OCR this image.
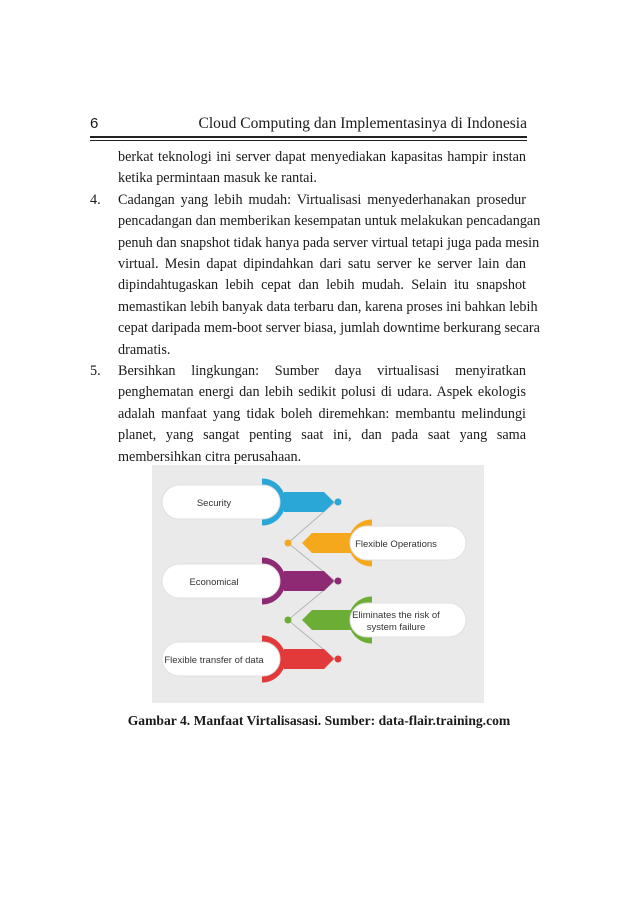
6	Cloud Computing dan Implementasinya di Indonesia
berkat teknologi ini server dapat menyediakan kapasitas hampir instan
ketika permintaan masuk ke rantai.
4. Cadangan yang lebih mudah: Virtualisasi menyederhanakan prosedur
pencadangan dan memberikan kesempatan untuk melakukan pencadangan
penuh dan snapshot tidak hanya pada server virtual tetapi juga pada mesin
virtual. Mesin dapat dipindahkan dari satu server ke server lain dan
dipindahtugaskan lebih cepat dan lebih mudah. Selain itu snapshot
memastikan lebih banyak data terbaru dan, karena proses ini bahkan lebih
cepat daripada mem-boot server biasa, jumlah downtime berkurang secara
dramatis.
5. Bersihkan lingkungan: Sumber daya virtualisasi menyiratkan
penghematan energi dan lebih sedikit polusi di udara. Aspek ekologis
adalah manfaat yang tidak boleh diremehkan: membantu melindungi
planet, yang sangat penting saat ini, dan pada saat yang sama
membersihkan citra perusahaan.
Security
Flexible Operations
Economical
Eliminates the risk of
system failure
Flexible transfer of data
Gambar 4. Manfaat Virtalisasasi. Sumber: data-flair.training.com
